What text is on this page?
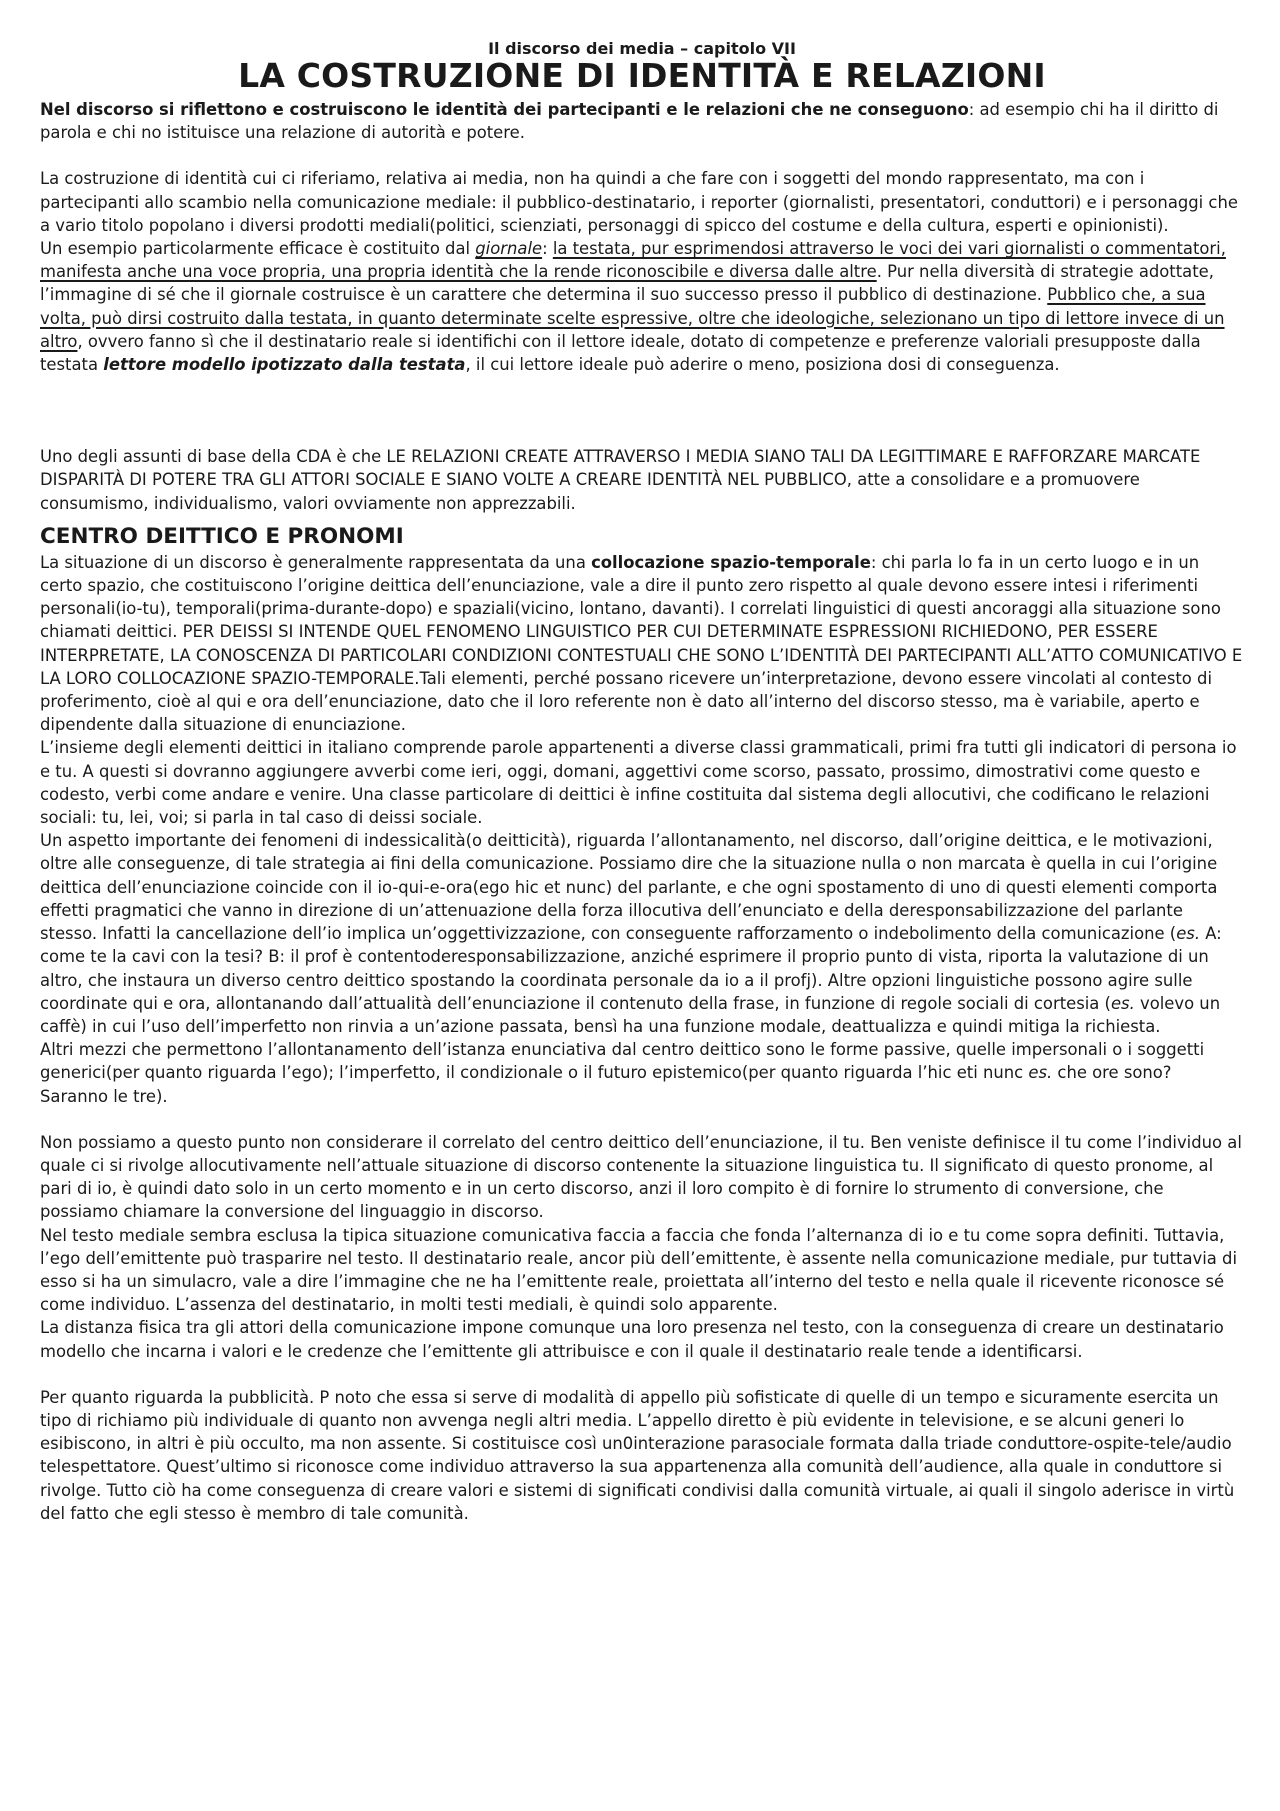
Il discorso dei media – capitolo VII

LA COSTRUZIONE DI IDENTITÀ E RELAZIONI

Nel discorso si riflettono e costruiscono le identità dei partecipanti e le relazioni che ne conseguono: ad esempio chi ha il diritto di parola e chi no istituisce una relazione di autorità e potere.

La costruzione di identità cui ci riferiamo, relativa ai media, non ha quindi a che fare con i soggetti del mondo rappresentato, ma con i partecipanti allo scambio nella comunicazione mediale: il pubblico-destinatario, i reporter (giornalisti, presentatori, conduttori) e i personaggi che a vario titolo popolano i diversi prodotti mediali(politici, scienziati, personaggi di spicco del costume e della cultura, esperti e opinionisti).

Un esempio particolarmente efficace è costituito dal giornale: la testata, pur esprimendosi attraverso le voci dei vari giornalisti o commentatori, manifesta anche una voce propria, una propria identità che la rende riconoscibile e diversa dalle altre. Pur nella diversità di strategie adottate, l’immagine di sé che il giornale costruisce è un carattere che determina il suo successo presso il pubblico di destinazione. Pubblico che, a sua volta, può dirsi costruito dalla testata, in quanto determinate scelte espressive, oltre che ideologiche, selezionano un tipo di lettore invece di un altro, ovvero fanno sì che il destinatario reale si identifichi con il lettore ideale, dotato di competenze e preferenze valoriali presupposte dalla testata lettore modello ipotizzato dalla testata, il cui lettore ideale può aderire o meno, posiziona dosi di conseguenza.

Uno degli assunti di base della CDA è che LE RELAZIONI CREATE ATTRAVERSO I MEDIA SIANO TALI DA LEGITTIMARE E RAFFORZARE MARCATE DISPARITÀ DI POTERE TRA GLI ATTORI SOCIALE E SIANO VOLTE A CREARE IDENTITÀ NEL PUBBLICO, atte a consolidare e a promuovere consumismo, individualismo, valori ovviamente non apprezzabili.

CENTRO DEITTICO E PRONOMI

La situazione di un discorso è generalmente rappresentata da una collocazione spazio-temporale: chi parla lo fa in un certo luogo e in un certo spazio, che costituiscono l’origine deittica dell’enunciazione, vale a dire il punto zero rispetto al quale devono essere intesi i riferimenti personali(io-tu), temporali(prima-durante-dopo) e spaziali(vicino, lontano, davanti). I correlati linguistici di questi ancoraggi alla situazione sono chiamati deittici. PER DEISSI SI INTENDE QUEL FENOMENO LINGUISTICO PER CUI DETERMINATE ESPRESSIONI RICHIEDONO, PER ESSERE INTERPRETATE, LA CONOSCENZA DI PARTICOLARI CONDIZIONI CONTESTUALI CHE SONO L’IDENTITÀ DEI PARTECIPANTI ALL’ATTO COMUNICATIVO E LA LORO COLLOCAZIONE SPAZIO-TEMPORALE.Tali elementi, perché possano ricevere un’interpretazione, devono essere vincolati al contesto di proferimento, cioè al qui e ora dell’enunciazione, dato che il loro referente non è dato all’interno del discorso stesso, ma è variabile, aperto e dipendente dalla situazione di enunciazione.

L’insieme degli elementi deittici in italiano comprende parole appartenenti a diverse classi grammaticali, primi fra tutti gli indicatori di persona io e tu. A questi si dovranno aggiungere avverbi come ieri, oggi, domani, aggettivi come scorso, passato, prossimo, dimostrativi come questo e codesto, verbi come andare e venire. Una classe particolare di deittici è infine costituita dal sistema degli allocutivi, che codificano le relazioni sociali: tu, lei, voi; si parla in tal caso di deissi sociale.

Un aspetto importante dei fenomeni di indessicalità(o deitticità), riguarda l’allontanamento, nel discorso, dall’origine deittica, e le motivazioni, oltre alle conseguenze, di tale strategia ai fini della comunicazione. Possiamo dire che la situazione nulla o non marcata è quella in cui l’origine deittica dell’enunciazione coincide con il io-qui-e-ora(ego hic et nunc) del parlante, e che ogni spostamento di uno di questi elementi comporta effetti pragmatici che vanno in direzione di un’attenuazione della forza illocutiva dell’enunciato e della deresponsabilizzazione del parlante stesso. Infatti la cancellazione dell’io implica un’oggettivizzazione, con conseguente rafforzamento o indebolimento della comunicazione (es. A: come te la cavi con la tesi? B: il prof è contentoderesponsabilizzazione, anziché esprimere il proprio punto di vista, riporta la valutazione di un altro, che instaura un diverso centro deittico spostando la coordinata personale da io a il profj). Altre opzioni linguistiche possono agire sulle coordinate qui e ora, allontanando dall’attualità dell’enunciazione il contenuto della frase, in funzione di regole sociali di cortesia (es. volevo un caffè) in cui l’uso dell’imperfetto non rinvia a un’azione passata, bensì ha una funzione modale, deattualizza e quindi mitiga la richiesta.

Altri mezzi che permettono l’allontanamento dell’istanza enunciativa dal centro deittico sono le forme passive, quelle impersonali o i soggetti generici(per quanto riguarda l’ego); l’imperfetto, il condizionale o il futuro epistemico(per quanto riguarda l’hic eti nunc es. che ore sono? Saranno le tre).

Non possiamo a questo punto non considerare il correlato del centro deittico dell’enunciazione, il tu. Ben veniste definisce il tu come l’individuo al quale ci si rivolge allocutivamente nell’attuale situazione di discorso contenente la situazione linguistica tu. Il significato di questo pronome, al pari di io, è quindi dato solo in un certo momento e in un certo discorso, anzi il loro compito è di fornire lo strumento di conversione, che possiamo chiamare la conversione del linguaggio in discorso.

Nel testo mediale sembra esclusa la tipica situazione comunicativa faccia a faccia che fonda l’alternanza di io e tu come sopra definiti. Tuttavia, l’ego dell’emittente può trasparire nel testo. Il destinatario reale, ancor più dell’emittente, è assente nella comunicazione mediale, pur tuttavia di esso si ha un simulacro, vale a dire l’immagine che ne ha l’emittente reale, proiettata all’interno del testo e nella quale il ricevente riconosce sé come individuo. L’assenza del destinatario, in molti testi mediali, è quindi solo apparente.

La distanza fisica tra gli attori della comunicazione impone comunque una loro presenza nel testo, con la conseguenza di creare un destinatario modello che incarna i valori e le credenze che l’emittente gli attribuisce e con il quale il destinatario reale tende a identificarsi.

Per quanto riguarda la pubblicità. P noto che essa si serve di modalità di appello più sofisticate di quelle di un tempo e sicuramente esercita un tipo di richiamo più individuale di quanto non avvenga negli altri media. L’appello diretto è più evidente in televisione, e se alcuni generi lo esibiscono, in altri è più occulto, ma non assente. Si costituisce così un0interazione parasociale formata dalla triade conduttore-ospite-tele/audio telespettatore. Quest’ultimo si riconosce come individuo attraverso la sua appartenenza alla comunità dell’audience, alla quale in conduttore si rivolge. Tutto ciò ha come conseguenza di creare valori e sistemi di significati condivisi dalla comunità virtuale, ai quali il singolo aderisce in virtù del fatto che egli stesso è membro di tale comunità.
